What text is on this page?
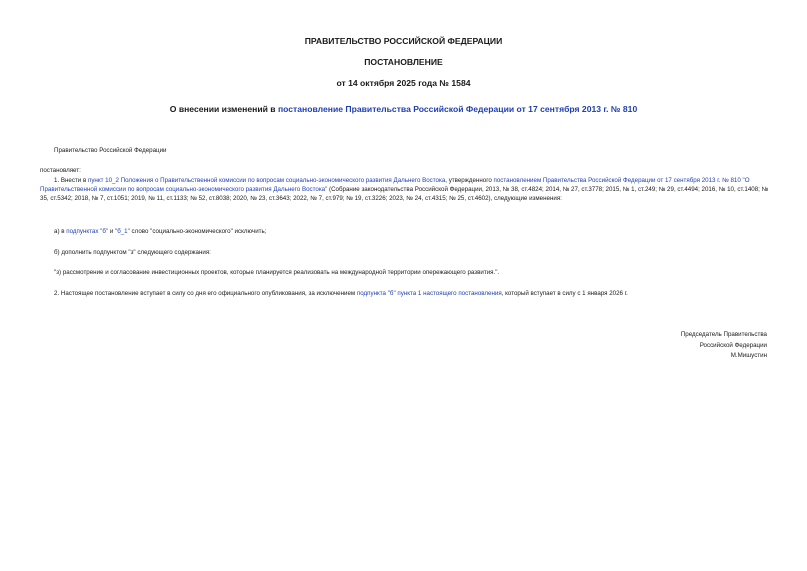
ПРАВИТЕЛЬСТВО РОССИЙСКОЙ ФЕДЕРАЦИИ
ПОСТАНОВЛЕНИЕ
от 14 октября 2025 года № 1584
О внесении изменений в постановление Правительства Российской Федерации от 17 сентября 2013 г. № 810
Правительство Российской Федерации
постановляет:
1. Внести в пункт 10_2 Положения о Правительственной комиссии по вопросам социально-экономического развития Дальнего Востока, утвержденного постановлением Правительства Российской Федерации от 17 сентября 2013 г. № 810 "О Правительственной комиссии по вопросам социально-экономического развития Дальнего Востока" (Собрание законодательства Российской Федерации, 2013, № 38, ст.4824; 2014, № 27, ст.3778; 2015, № 1, ст.249; № 29, ст.4494; 2016, № 10, ст.1408; № 35, ст.5342; 2018, № 7, ст.1051; 2019, № 11, ст.1133; № 52, ст.8038; 2020, № 23, ст.3643; 2022, № 7, ст.979; № 19, ст.3226; 2023, № 24, ст.4315; № 25, ст.4602), следующие изменения:
а) в подпунктах "б" и "б_1" слово "социально-экономического" исключить;
б) дополнить подпунктом "з" следующего содержания:
"з) рассмотрение и согласование инвестиционных проектов, которые планируется реализовать на международной территории опережающего развития.".
2. Настоящее постановление вступает в силу со дня его официального опубликования, за исключением подпункта "б" пункта 1 настоящего постановления, который вступает в силу с 1 января 2026 г.
Председатель Правительства
Российской Федерации
М.Мишустин
